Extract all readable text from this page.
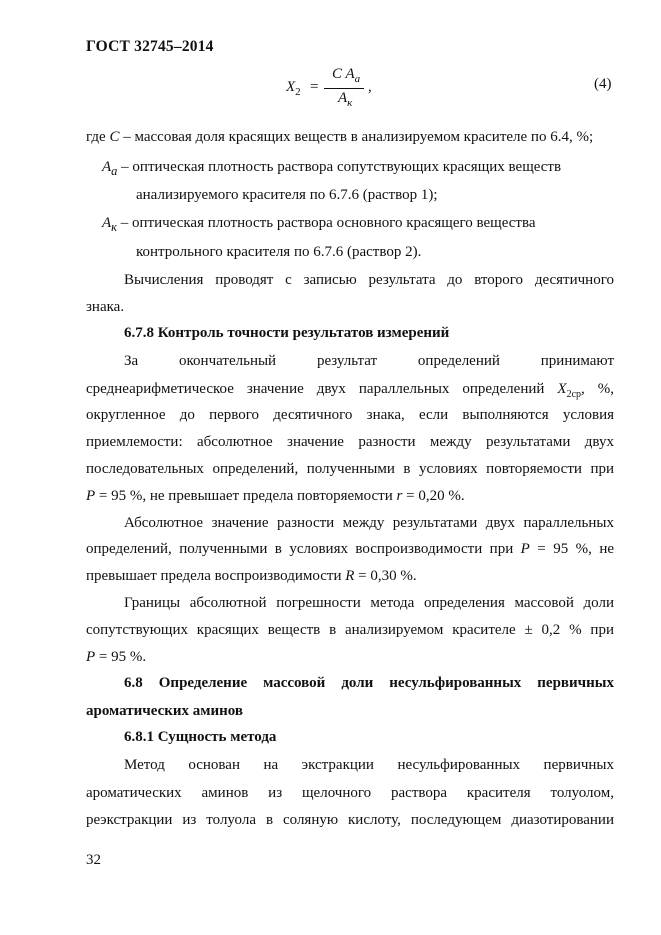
ГОСТ 32745–2014
$X_2$ =
C $A_a$
$A_к$
,	(4)
где C – массовая доля красящих веществ в анализируемом красителе по 6.4, %;
$A_a$ – оптическая плотность раствора сопутствующих красящих веществ
анализируемого красителя по 6.7.6 (раствор 1);
$A_к$ – оптическая плотность раствора основного красящего вещества
контрольного красителя по 6.7.6 (раствор 2).
Вычисления проводят с записью результата до второго десятичного
знака.
6.7.8 Контроль точности результатов измерений
За окончательный результат определений принимают
среднеарифметическое значение двух параллельных определений $X_{2ср}$, %,
округленное до первого десятичного знака, если выполняются условия
приемлемости: абсолютное значение разности между результатами двух
последовательных определений, полученными в условиях повторяемости при
P = 95 %, не превышает предела повторяемости r = 0,20 %.
Абсолютное значение разности между результатами двух параллельных
определений, полученными в условиях воспроизводимости при P = 95 %, не
превышает предела воспроизводимости R = 0,30 %.
Границы абсолютной погрешности метода определения массовой доли
сопутствующих красящих веществ в анализируемом красителе ± 0,2 % при
P = 95 %.
6.8 Определение массовой доли несульфированных первичных
ароматических аминов
6.8.1 Сущность метода
Метод основан на экстракции несульфированных первичных
ароматических аминов из щелочного раствора красителя толуолом,
реэкстракции из толуола в соляную кислоту, последующем диазотировании
32
